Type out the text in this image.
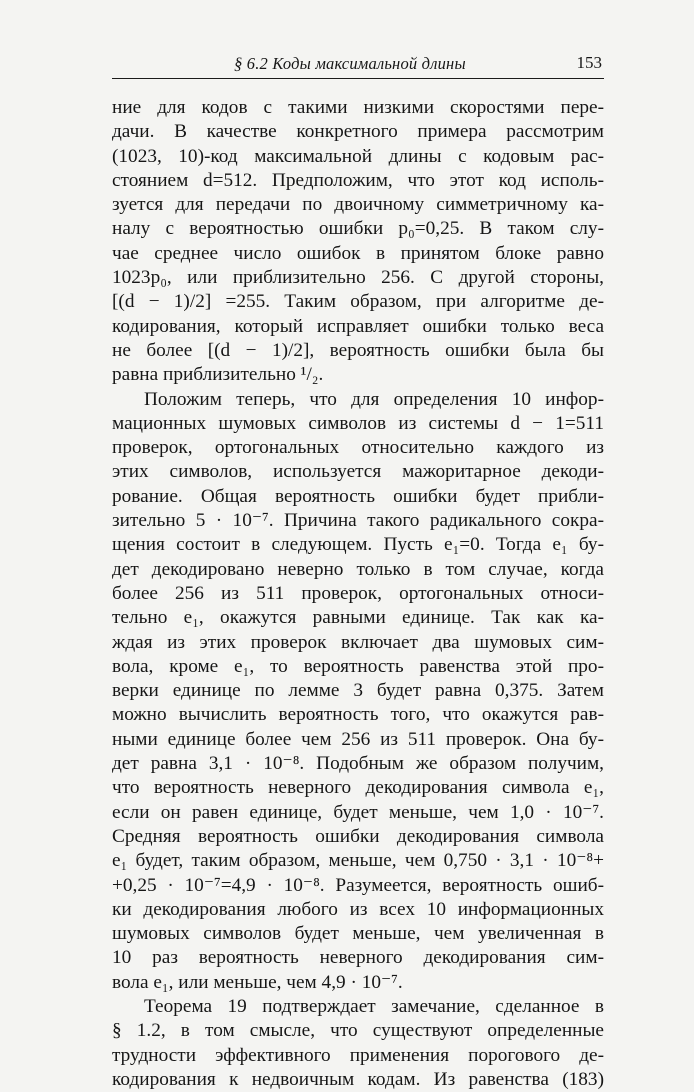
§ 6.2 Коды максимальной длины	153
ние для кодов с такими низкими скоростями пере-
дачи. В качестве конкретного примера рассмотрим
(1023, 10)-код максимальной длины с кодовым рас-
стоянием d=512. Предположим, что этот код исполь-
зуется для передачи по двоичному симметричному ка-
налу с вероятностью ошибки p₀=0,25. В таком слу-
чае среднее число ошибок в принятом блоке равно
1023p₀, или приблизительно 256. С другой стороны,
[(d − 1)/2] =255. Таким образом, при алгоритме де-
кодирования, который исправляет ошибки только веса
не более [(d − 1)/2], вероятность ошибки была бы
равна приблизительно ¹/₂.
Положим теперь, что для определения 10 инфор-
мационных шумовых символов из системы d − 1=511
проверок, ортогональных относительно каждого из
этих символов, используется мажоритарное декоди-
рование. Общая вероятность ошибки будет прибли-
зительно 5 · 10⁻⁷. Причина такого радикального сокра-
щения состоит в следующем. Пусть e₁=0. Тогда e₁ бу-
дет декодировано неверно только в том случае, когда
более 256 из 511 проверок, ортогональных относи-
тельно e₁, окажутся равными единице. Так как ка-
ждая из этих проверок включает два шумовых сим-
вола, кроме e₁, то вероятность равенства этой про-
верки единице по лемме 3 будет равна 0,375. Затем
можно вычислить вероятность того, что окажутся рав-
ными единице более чем 256 из 511 проверок. Она бу-
дет равна 3,1 · 10⁻⁸. Подобным же образом получим,
что вероятность неверного декодирования символа e₁,
если он равен единице, будет меньше, чем 1,0 · 10⁻⁷.
Средняя вероятность ошибки декодирования символа
e₁ будет, таким образом, меньше, чем 0,750 · 3,1 · 10⁻⁸+
+0,25 · 10⁻⁷=4,9 · 10⁻⁸. Разумеется, вероятность ошиб-
ки декодирования любого из всех 10 информационных
шумовых символов будет меньше, чем увеличенная в
10 раз вероятность неверного декодирования сим-
вола e₁, или меньше, чем 4,9 · 10⁻⁷.
Теорема 19 подтверждает замечание, сделанное в
§ 1.2, в том смысле, что существуют определенные
трудности эффективного применения порогового де-
кодирования к недвоичным кодам. Из равенства (183)
